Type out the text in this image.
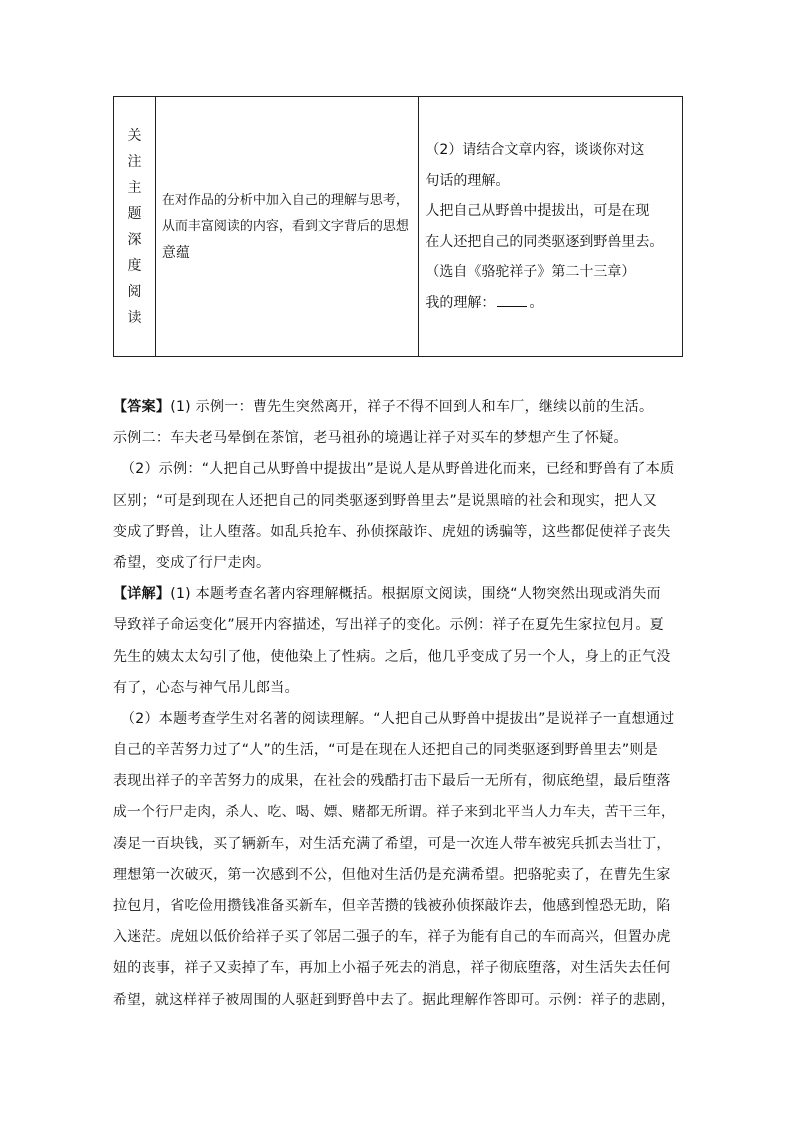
关
注
主
题
深
度
阅
读

在对作品的分析中加入自己的理解与思考，
从而丰富阅读的内容，看到文字背后的思想
意蕴

（2）请结合文章内容，谈谈你对这
句话的理解。
人把自己从野兽中提拔出，可是在现
在人还把自己的同类驱逐到野兽里去。
（选自《骆驼祥子》第二十三章）
我的理解： 。
【答案】(1) 示例一：曹先生突然离开，祥子不得不回到人和车厂，继续以前的生活。
示例二：车夫老马晕倒在茶馆，老马祖孙的境遇让祥子对买车的梦想产生了怀疑。
（2）示例：“人把自己从野兽中提拔出”是说人是从野兽进化而来，已经和野兽有了本质
区别；“可是到现在人还把自己的同类驱逐到野兽里去”是说黑暗的社会和现实，把人又
变成了野兽，让人堕落。如乱兵抢车、孙侦探敲诈、虎妞的诱骗等，这些都促使祥子丧失
希望，变成了行尸走肉。
【详解】(1) 本题考查名著内容理解概括。根据原文阅读，围绕“人物突然出现或消失而
导致祥子命运变化”展开内容描述，写出祥子的变化。示例：祥子在夏先生家拉包月。夏
先生的姨太太勾引了他，使他染上了性病。之后，他几乎变成了另一个人，身上的正气没
有了，心态与神气吊儿郎当。
（2）本题考查学生对名著的阅读理解。“人把自己从野兽中提拔出”是说祥子一直想通过
自己的辛苦努力过了“人”的生活，“可是在现在人还把自己的同类驱逐到野兽里去”则是
表现出祥子的辛苦努力的成果，在社会的残酷打击下最后一无所有，彻底绝望，最后堕落
成一个行尸走肉，杀人、吃、喝、嫖、赌都无所谓。祥子来到北平当人力车夫，苦干三年，
凑足一百块钱，买了辆新车，对生活充满了希望，可是一次连人带车被宪兵抓去当壮丁，
理想第一次破灭，第一次感到不公，但他对生活仍是充满希望。把骆驼卖了，在曹先生家
拉包月，省吃俭用攒钱准备买新车，但辛苦攒的钱被孙侦探敲诈去，他感到惶恐无助，陷
入迷茫。虎妞以低价给祥子买了邻居二强子的车，祥子为能有自己的车而高兴，但置办虎
妞的丧事，祥子又卖掉了车，再加上小福子死去的消息，祥子彻底堕落，对生活失去任何
希望，就这样祥子被周围的人驱赶到野兽中去了。据此理解作答即可。示例：祥子的悲剧，
